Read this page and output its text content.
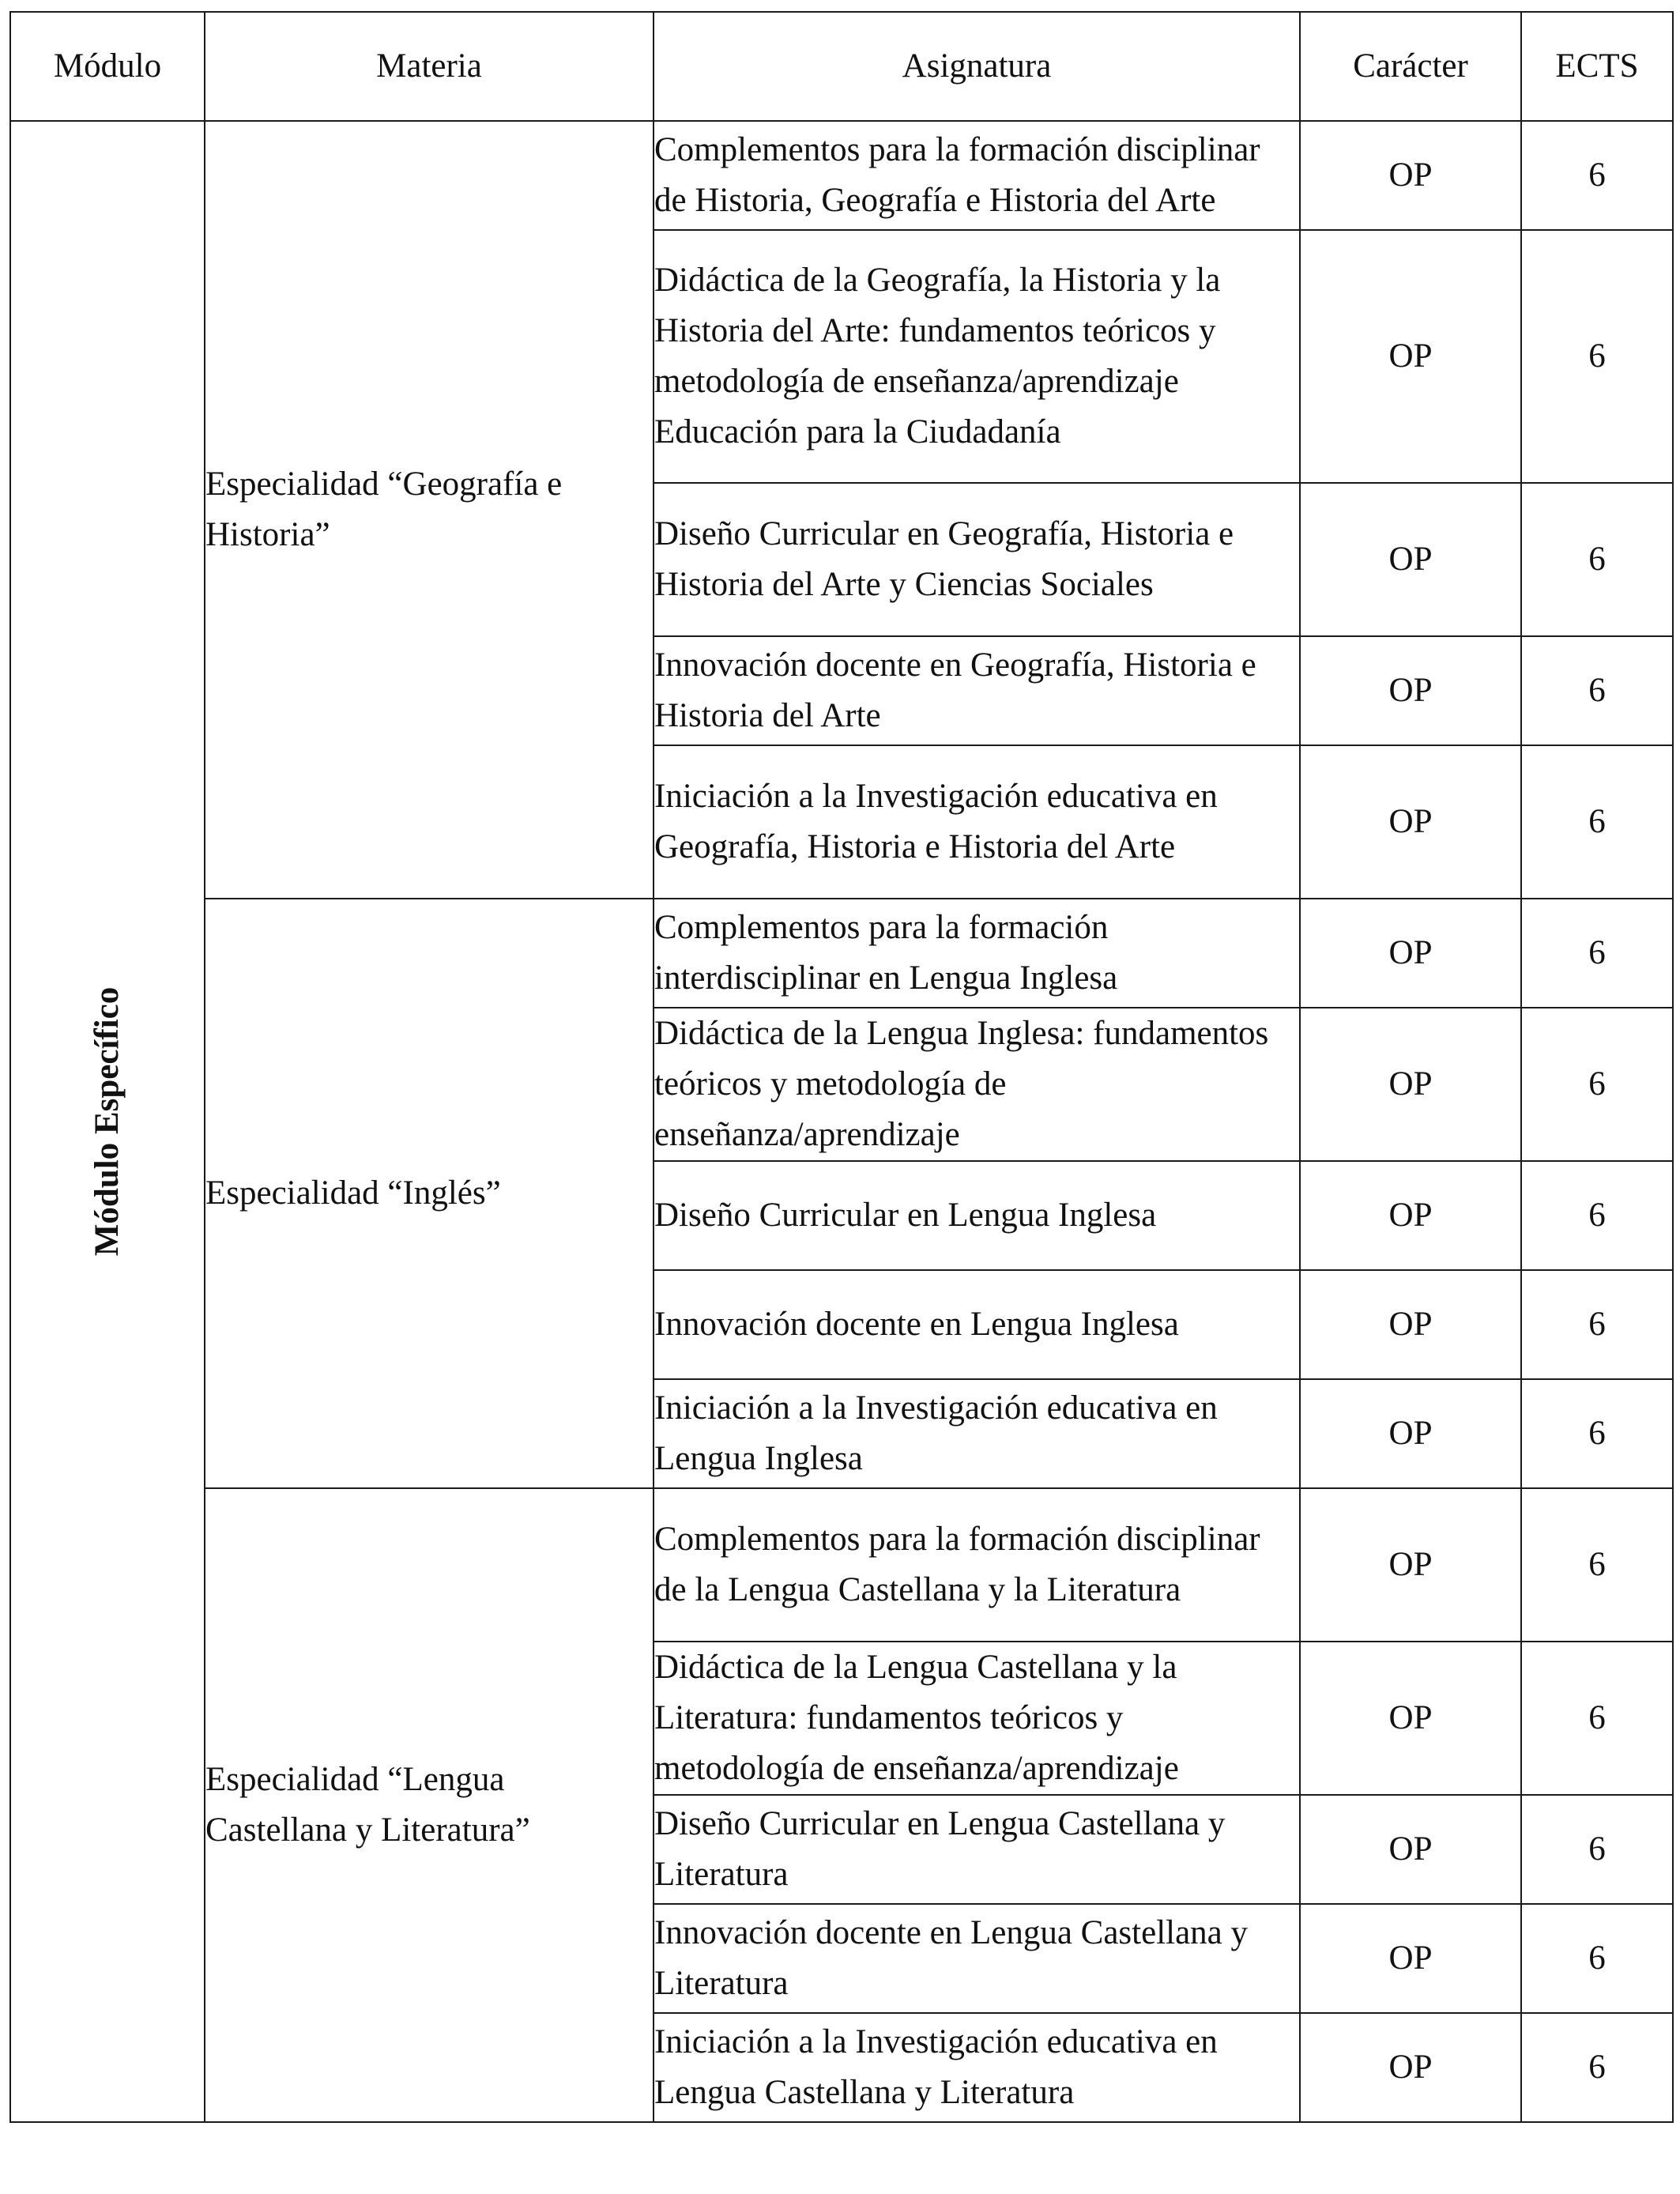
Módulo	Materia	Asignatura	Carácter	ECTS

Módulo Específico	Especialidad “Geografía e Historia”	Complementos para la formación disciplinar de Historia, Geografía e Historia del Arte	OP	6
		Didáctica de la Geografía, la Historia y la Historia del Arte: fundamentos teóricos y metodología de enseñanza/aprendizaje Educación para la Ciudadanía	OP	6
		Diseño Curricular en Geografía, Historia e Historia del Arte y Ciencias Sociales	OP	6
		Innovación docente en Geografía, Historia e Historia del Arte	OP	6
		Iniciación a la Investigación educativa en Geografía, Historia e Historia del Arte	OP	6
	Especialidad “Inglés”	Complementos para la formación interdisciplinar en Lengua Inglesa	OP	6
		Didáctica de la Lengua Inglesa: fundamentos teóricos y metodología de enseñanza/aprendizaje	OP	6
		Diseño Curricular en Lengua Inglesa	OP	6
		Innovación docente en Lengua Inglesa	OP	6
		Iniciación a la Investigación educativa en Lengua Inglesa	OP	6
	Especialidad “Lengua Castellana y Literatura”	Complementos para la formación disciplinar de la Lengua Castellana y la Literatura	OP	6
		Didáctica de la Lengua Castellana y la Literatura: fundamentos teóricos y metodología de enseñanza/aprendizaje	OP	6
		Diseño Curricular en Lengua Castellana y Literatura	OP	6
		Innovación docente en Lengua Castellana y Literatura	OP	6
		Iniciación a la Investigación educativa en Lengua Castellana y Literatura	OP	6
